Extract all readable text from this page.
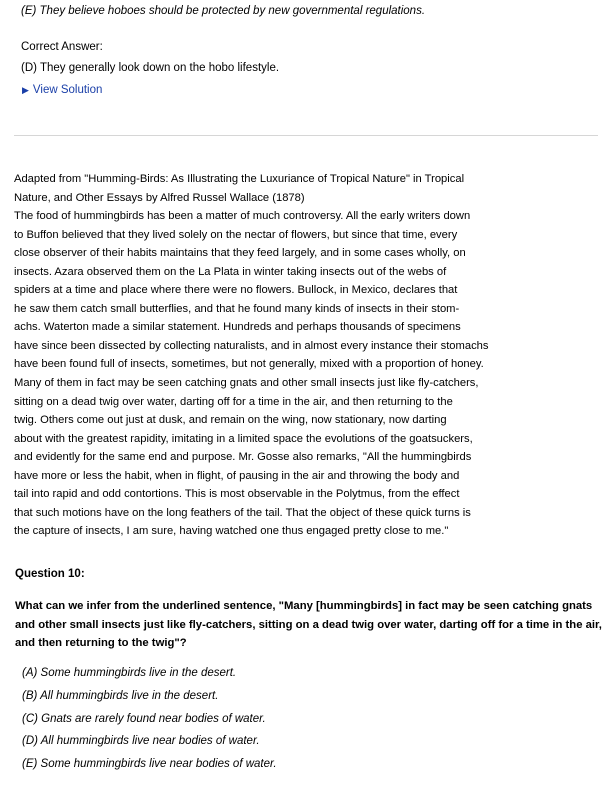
(E) They believe hoboes should be protected by new governmental regulations.
Correct Answer:
(D) They generally look down on the hobo lifestyle.
▶ View Solution
Adapted from "Humming-Birds: As Illustrating the Luxuriance of Tropical Nature" in Tropical
Nature, and Other Essays by Alfred Russel Wallace (1878)
The food of hummingbirds has been a matter of much controversy. All the early writers down
to Buffon believed that they lived solely on the nectar of flowers, but since that time, every
close observer of their habits maintains that they feed largely, and in some cases wholly, on
insects. Azara observed them on the La Plata in winter taking insects out of the webs of
spiders at a time and place where there were no flowers. Bullock, in Mexico, declares that
he saw them catch small butterflies, and that he found many kinds of insects in their stom-
achs. Waterton made a similar statement. Hundreds and perhaps thousands of specimens
have since been dissected by collecting naturalists, and in almost every instance their stomachs
have been found full of insects, sometimes, but not generally, mixed with a proportion of honey.
Many of them in fact may be seen catching gnats and other small insects just like fly-catchers,
sitting on a dead twig over water, darting off for a time in the air, and then returning to the
twig. Others come out just at dusk, and remain on the wing, now stationary, now darting
about with the greatest rapidity, imitating in a limited space the evolutions of the goatsuckers,
and evidently for the same end and purpose. Mr. Gosse also remarks, "All the hummingbirds
have more or less the habit, when in flight, of pausing in the air and throwing the body and
tail into rapid and odd contortions. This is most observable in the Polytmus, from the effect
that such motions have on the long feathers of the tail. That the object of these quick turns is
the capture of insects, I am sure, having watched one thus engaged pretty close to me."
Question 10:
What can we infer from the underlined sentence, "Many [hummingbirds] in fact may be seen catching gnats
and other small insects just like fly-catchers, sitting on a dead twig over water, darting off for a time in the air,
and then returning to the twig"?
(A) Some hummingbirds live in the desert.
(B) All hummingbirds live in the desert.
(C) Gnats are rarely found near bodies of water.
(D) All hummingbirds live near bodies of water.
(E) Some hummingbirds live near bodies of water.
